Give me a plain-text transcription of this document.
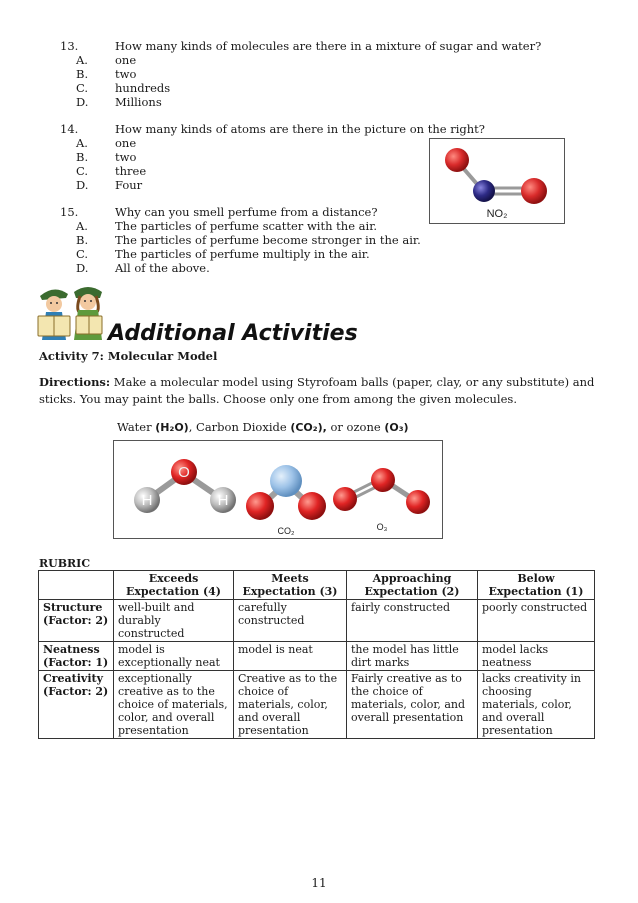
13.	How many kinds of molecules are there in a mixture of sugar and water?
A. one
B. two
C. hundreds
D. Millions
14.	How many kinds of atoms are there in the picture on the right?
A. one
B. two
C. three
D. Four
NO₂
15.	Why can you smell perfume from a distance?
A. The particles of perfume scatter with the air.
B. The particles of perfume become stronger in the air.
C. The particles of perfume multiply in the air.
D. All of the above.
Additional Activities
Activity 7: Molecular Model
Directions: Make a molecular model using Styrofoam balls (paper, clay, or any substitute) and sticks. You may paint the balls. Choose only one from among the given molecules.
Water (H₂O), Carbon Dioxide (CO₂), or ozone (O₃)
O
H	H
CO₂	O₃
RUBRIC
	Exceeds Expectation (4)	Meets Expectation (3)	Approaching Expectation (2)	Below Expectation (1)
Structure (Factor: 2)	well-built and durably constructed	carefully constructed	fairly constructed	poorly constructed
Neatness (Factor: 1)	model is exceptionally neat	model is neat	the model has little dirt marks	model lacks neatness
Creativity (Factor: 2)	exceptionally creative as to the choice of materials, color, and overall presentation	Creative as to the choice of materials, color, and overall presentation	Fairly creative as to the choice of materials, color, and overall presentation	lacks creativity in choosing materials, color, and overall presentation
11
